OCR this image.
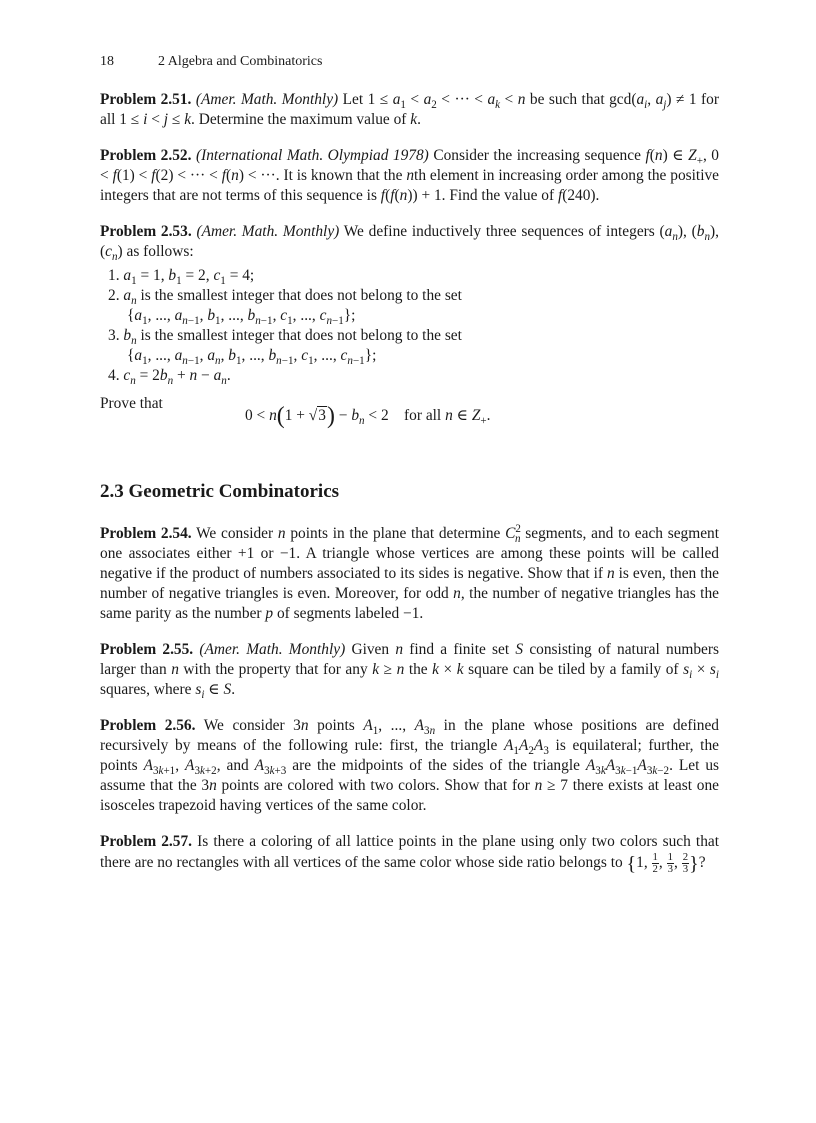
18	2 Algebra and Combinatorics

Problem 2.51. (Amer. Math. Monthly) Let $1 \le a_1 < a_2$ < ··· < $a_k < n$ be such that $\gcd(a_i$, $a_j) \ne 1$ for all 1 ≤ i < j ≤ k. Determine the maximum value of k.

Problem 2.52. (International Math. Olympiad 1978) Consider the increasing sequence f(n) ∈ $Z_+$, 0 < f(1) < f(2) < ··· < f(n) < ···. It is known that the nth element in increasing order among the positive integers that are not terms of this sequence is f(f(n)) + 1. Find the value of f(240).

Problem 2.53. (Amer. Math. Monthly) We define inductively three sequences of integers $(a_n)$, $(b_n)$, $(c_n)$ as follows:
1. $a_1 = 1$, $b_1 = 2$, $c_1 = 4$;
2. $a_n$ is the smallest integer that does not belong to the set
{$a_1$, ..., $a_{n-1}$, $b_1$, ..., $b_{n-1}$, $c_1$, ..., $c_{n-1}$};
3. $b_n$ is the smallest integer that does not belong to the set
{$a_1$, ..., $a_{n-1}$, $a_n$, $b_1$, ..., $b_{n-1}$, $c_1$, ..., $c_{n-1}$};
4. $c_n = 2b_n + n - a_n$.
Prove that
$0 < n(1 + √3) - b_n < 2$    for all n ∈ $Z_+$.
2.3 Geometric Combinatorics

Problem 2.54. We consider n points in the plane that determine $C^2_n$ segments, and to each segment one associates either +1 or −1. A triangle whose vertices are among these points will be called negative if the product of numbers associated to its sides is negative. Show that if n is even, then the number of negative triangles is even. Moreover, for odd n, the number of negative triangles has the same parity as the number p of segments labeled −1.

Problem 2.55. (Amer. Math. Monthly) Given n find a finite set S consisting of natural numbers larger than n with the property that for any k ≥ n the k × k square can be tiled by a family of $s_i \times s_i$ squares, where $s_i$ ∈ S.

Problem 2.56. We consider 3n points $A_1$, ..., $A_{3n}$ in the plane whose positions are defined recursively by means of the following rule: first, the triangle $A_1A_2A_3$ is equilateral; further, the points $A_{3k+1}$, $A_{3k+2}$, and $A_{3k+3}$ are the midpoints of the sides of the triangle $A_{3k}A_{3k-1}A_{3k-2}$. Let us assume that the 3n points are colored with two colors. Show that for n ≥ 7 there exists at least one isosceles trapezoid having vertices of the same color.

Problem 2.57. Is there a coloring of all lattice points in the plane using only two colors such that there are no rectangles with all vertices of the same color whose side ratio belongs to {1, $\frac{1}{2}$ , $\frac{1}{3}$ , $\frac{2}{3}$ }?
